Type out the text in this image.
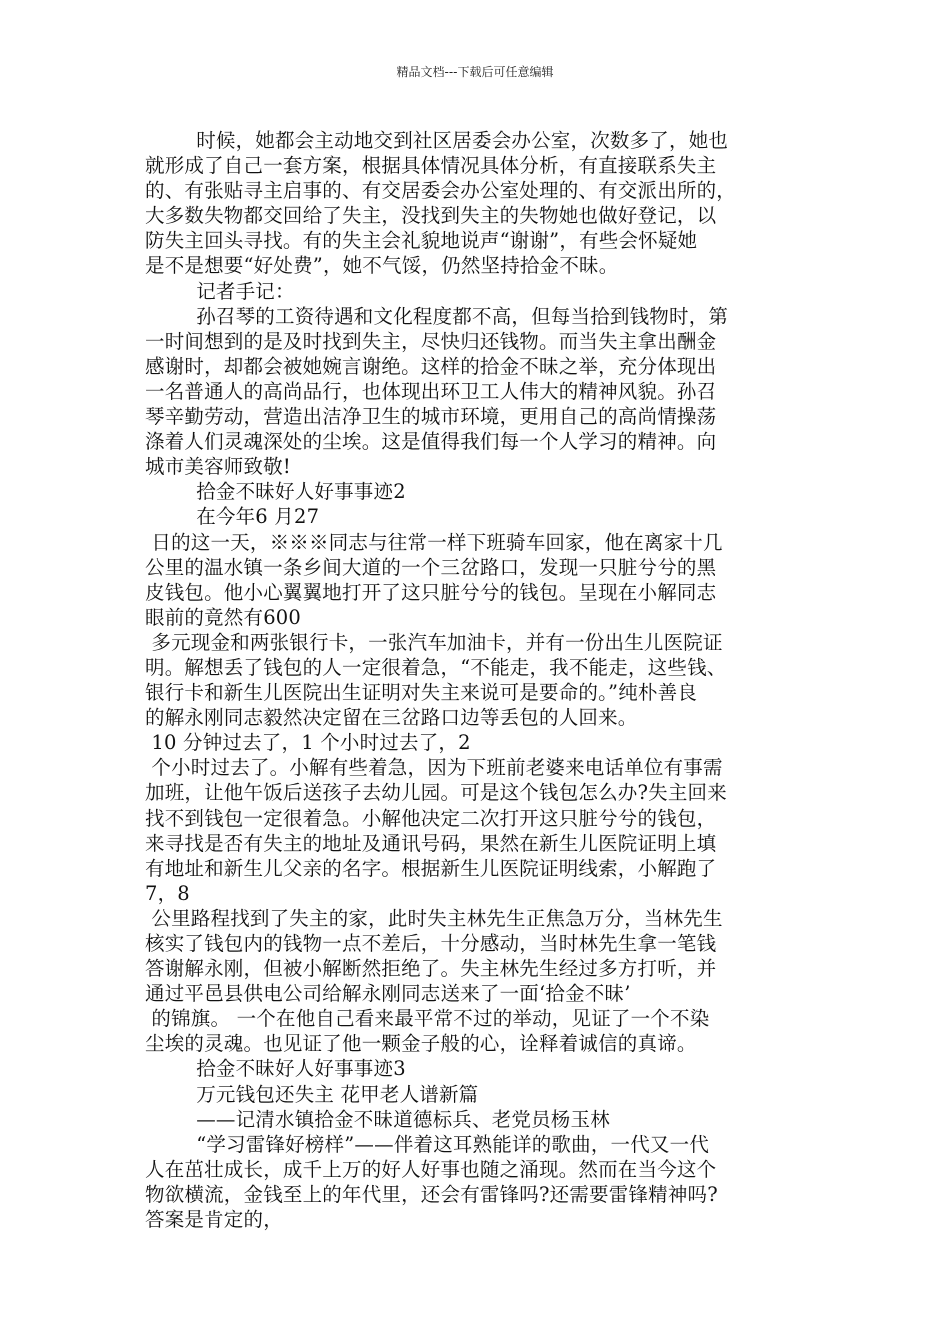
精品文档---下载后可任意编辑
时候，她都会主动地交到社区居委会办公室，次数多了，她也
就形成了自己一套方案，根据具体情况具体分析，有直接联系失主
的、有张贴寻主启事的、有交居委会办公室处理的、有交派出所的，
大多数失物都交回给了失主，没找到失主的失物她也做好登记，以
防失主回头寻找。有的失主会礼貌地说声“谢谢”，有些会怀疑她
是不是想要“好处费”，她不气馁，仍然坚持拾金不昧。
记者手记：
孙召琴的工资待遇和文化程度都不高，但每当拾到钱物时，第
一时间想到的是及时找到失主，尽快归还钱物。而当失主拿出酬金
感谢时，却都会被她婉言谢绝。这样的拾金不昧之举，充分体现出
一名普通人的高尚品行，也体现出环卫工人伟大的精神风貌。孙召
琴辛勤劳动，营造出洁净卫生的城市环境，更用自己的高尚情操荡
涤着人们灵魂深处的尘埃。这是值得我们每一个人学习的精神。向
城市美容师致敬!
拾金不昧好人好事事迹2
在今年6 月27
日的这一天，※※※同志与往常一样下班骑车回家，他在离家十几
公里的温水镇一条乡间大道的一个三岔路口，发现一只脏兮兮的黑
皮钱包。他小心翼翼地打开了这只脏兮兮的钱包。呈现在小解同志
眼前的竟然有600
多元现金和两张银行卡，一张汽车加油卡，并有一份出生儿医院证
明。解想丢了钱包的人一定很着急，“不能走，我不能走，这些钱、
银行卡和新生儿医院出生证明对失主来说可是要命的。”纯朴善良
的解永刚同志毅然决定留在三岔路口边等丢包的人回来。
10 分钟过去了，1 个小时过去了，2
个小时过去了。小解有些着急，因为下班前老婆来电话单位有事需
加班，让他午饭后送孩子去幼儿园。可是这个钱包怎么办?失主回来
找不到钱包一定很着急。小解他决定二次打开这只脏兮兮的钱包，
来寻找是否有失主的地址及通讯号码，果然在新生儿医院证明上填
有地址和新生儿父亲的名字。根据新生儿医院证明线索，小解跑了
7，8
公里路程找到了失主的家，此时失主林先生正焦急万分，当林先生
核实了钱包内的钱物一点不差后，十分感动，当时林先生拿一笔钱
答谢解永刚，但被小解断然拒绝了。失主林先生经过多方打听，并
通过平邑县供电公司给解永刚同志送来了一面‘拾金不昧’
的锦旗。 一个在他自己看来最平常不过的举动，见证了一个不染
尘埃的灵魂。也见证了他一颗金子般的心，诠释着诚信的真谛。
拾金不昧好人好事事迹3
万元钱包还失主 花甲老人谱新篇
——记清水镇拾金不昧道德标兵、老党员杨玉林
“学习雷锋好榜样”——伴着这耳熟能详的歌曲，一代又一代
人在茁壮成长，成千上万的好人好事也随之涌现。然而在当今这个
物欲横流，金钱至上的年代里，还会有雷锋吗?还需要雷锋精神吗?
答案是肯定的，
